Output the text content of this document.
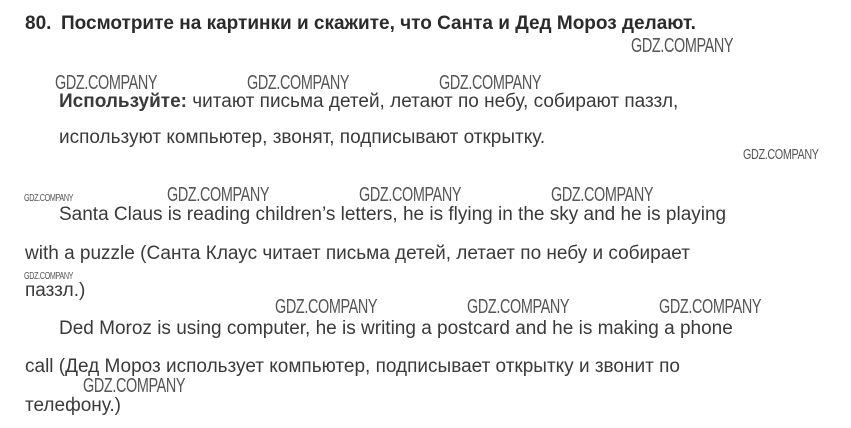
80. Посмотрите на картинки и скажите, что Санта и Дед Мороз делают.
Используйте: читают письма детей, летают по небу, собирают паззл,
используют компьютер, звонят, подписывают открытку.
Santa Claus is reading children’s letters, he is flying in the sky and he is playing
with a puzzle (Санта Клаус читает письма детей, летает по небу и собирает
паззл.)
Ded Moroz is using computer, he is writing a postcard and he is making a phone
call (Дед Мороз использует компьютер, подписывает открытку и звонит по
телефону.)
GDZ.COMPANY
GDZ.COMPANY	GDZ.COMPANY	GDZ.COMPANY
GDZ.COMPANY
GDZ.COMPANY	GDZ.COMPANY	GDZ.COMPANY	GDZ.COMPANY
GDZ.COMPANY
GDZ.COMPANY	GDZ.COMPANY	GDZ.COMPANY
GDZ.COMPANY
